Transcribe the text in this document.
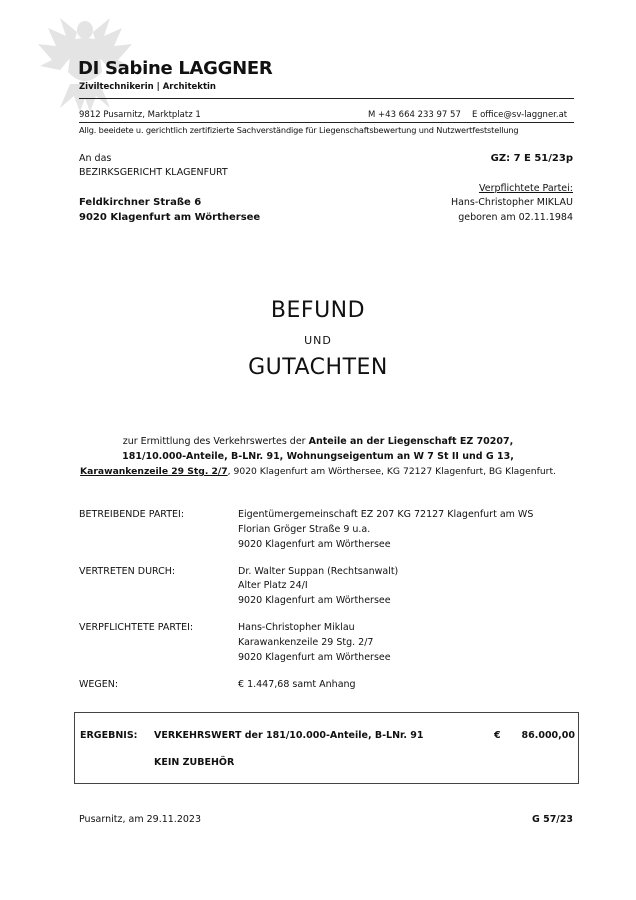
DI Sabine LAGGNER
Ziviltechnikerin | Architektin
9812 Pusarnitz, Marktplatz 1	M +43 664 233 97 57 E office@sv-laggner.at
Allg. beeidete u. gerichtlich zertifizierte Sachverständige für Liegenschaftsbewertung und Nutzwertfeststellung
An das
BEZIRKSGERICHT KLAGENFURT
Feldkirchner Straße 6
9020 Klagenfurt am Wörthersee
GZ: 7 E 51/23p
Verpflichtete Partei:
Hans-Christopher MIKLAU
geboren am 02.11.1984
BEFUND
UND
GUTACHTEN
zur Ermittlung des Verkehrswertes der Anteile an der Liegenschaft EZ 70207,
181/10.000-Anteile, B-LNr. 91, Wohnungseigentum an W 7 St II und G 13,
Karawankenzeile 29 Stg. 2/7, 9020 Klagenfurt am Wörthersee, KG 72127 Klagenfurt, BG Klagenfurt.
BETREIBENDE PARTEI:	Eigentümergemeinschaft EZ 207 KG 72127 Klagenfurt am WS
Florian Gröger Straße 9 u.a.
9020 Klagenfurt am Wörthersee
VERTRETEN DURCH:	Dr. Walter Suppan (Rechtsanwalt)
Alter Platz 24/I
9020 Klagenfurt am Wörthersee
VERPFLICHTETE PARTEI:	Hans-Christopher Miklau
Karawankenzeile 29 Stg. 2/7
9020 Klagenfurt am Wörthersee
WEGEN:	€ 1.447,68 samt Anhang
ERGEBNIS: VERKEHRSWERT der 181/10.000-Anteile, B-LNr. 91	€	86.000,00
KEIN ZUBEHÖR
Pusarnitz, am 29.11.2023	G 57/23
